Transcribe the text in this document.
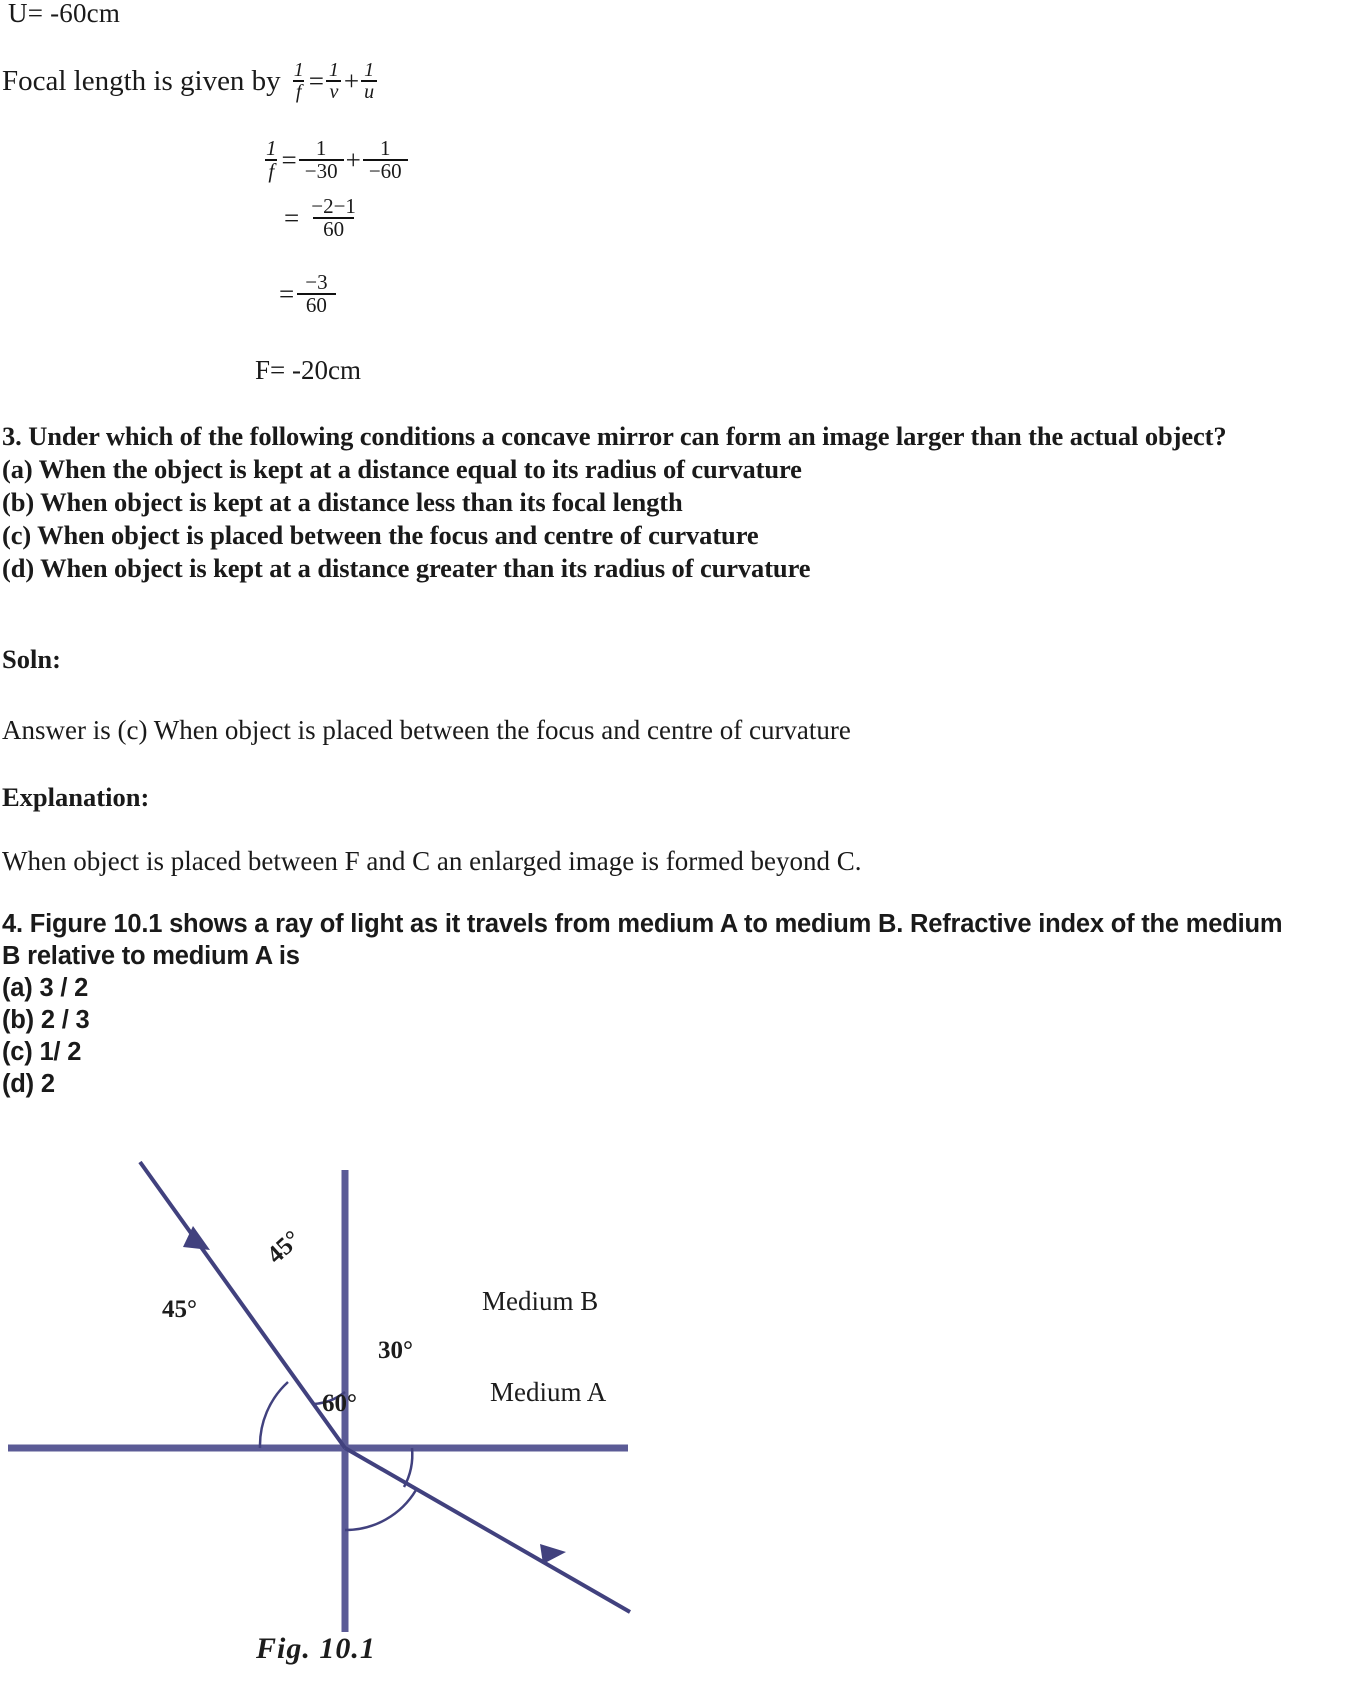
U= -60cm
Focal length is given by $\frac{1}{f} = \frac{1}{v} + \frac{1}{u}$
$\frac{1}{f} = \frac{1}{-30} + \frac{1}{-60}$
= $\frac{-2-1}{60}$
= $\frac{-3}{60}$
F= -20cm
3. Under which of the following conditions a concave mirror can form an image larger than the actual object?
(a) When the object is kept at a distance equal to its radius of curvature
(b) When object is kept at a distance less than its focal length
(c) When object is placed between the focus and centre of curvature
(d) When object is kept at a distance greater than its radius of curvature
Soln:
Answer is (c) When object is placed between the focus and centre of curvature
Explanation:
When object is placed between F and C an enlarged image is formed beyond C.
4. Figure 10.1 shows a ray of light as it travels from medium A to medium B. Refractive index of the medium B relative to medium A is
(a) 3 / 2
(b) 2 / 3
(c) 1/ 2
(d) 2
Medium B
Medium A
45°
45°
30°
60°
Fig. 10.1
